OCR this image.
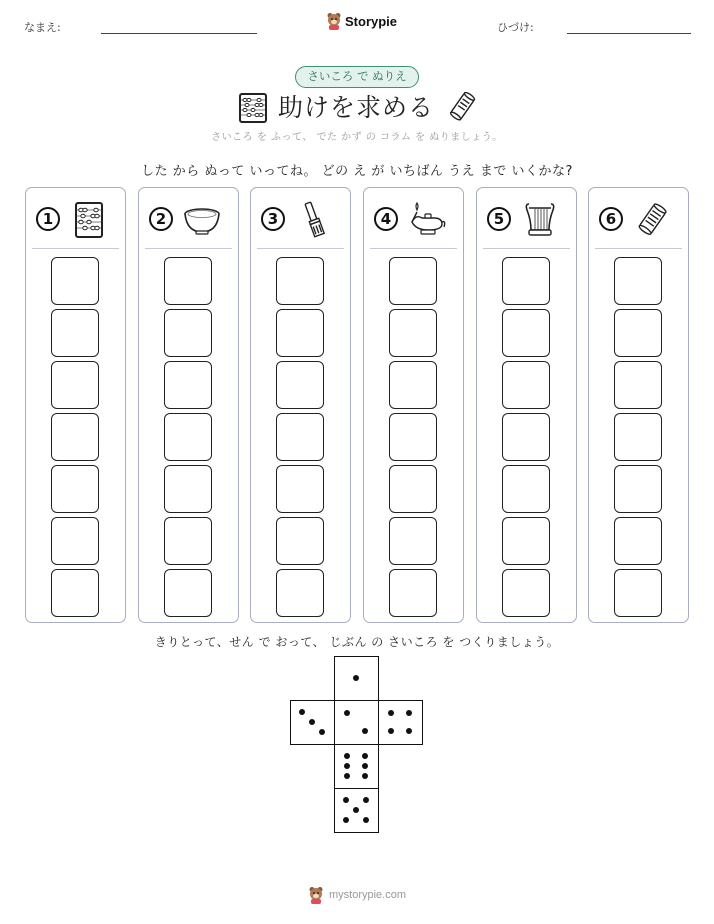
なまえ:	Storypie	ひづけ:
さいころ で ぬりえ
助けを求める
さいころ を ふって、 でた かず の コラム を ぬりましょう。
した から ぬって いってね。 どの え が いちばん うえ まで いくかな?
1	2	3	4	5	6
きりとって、せん で おって、 じぶん の さいころ を つくりましょう。
mystorypie.com
